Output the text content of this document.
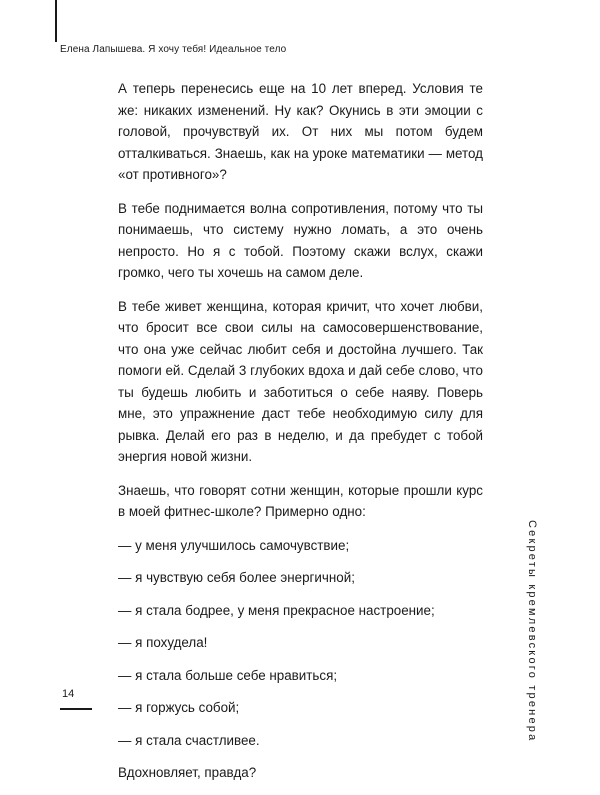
Елена Лапышева. Я хочу тебя! Идеальное тело

А теперь перенесись еще на 10 лет вперед. Условия те же: никаких изменений. Ну как? Окунись в эти эмоции с головой, прочувствуй их. От них мы потом будем отталкиваться. Знаешь, как на уроке математики — метод «от противного»?

В тебе поднимается волна сопротивления, потому что ты понимаешь, что систему нужно ломать, а это очень непросто. Но я с тобой. Поэтому скажи вслух, скажи громко, чего ты хочешь на самом деле.

В тебе живет женщина, которая кричит, что хочет любви, что бросит все свои силы на самосовершенствование, что она уже сейчас любит себя и достойна лучшего. Так помоги ей. Сделай 3 глубоких вдоха и дай себе слово, что ты будешь любить и заботиться о себе наяву. Поверь мне, это упражнение даст тебе необходимую силу для рывка. Делай его раз в неделю, и да пребудет с тобой энергия новой жизни.

Знаешь, что говорят сотни женщин, которые прошли курс в моей фитнес-школе? Примерно одно:

— у меня улучшилось самочувствие;

— я чувствую себя более энергичной;

— я стала бодрее, у меня прекрасное настроение;

— я похудела!

— я стала больше себе нравиться;

— я горжусь собой;

— я стала счастливее.

Вдохновляет, правда?

Секреты кремлевского тренера
14
